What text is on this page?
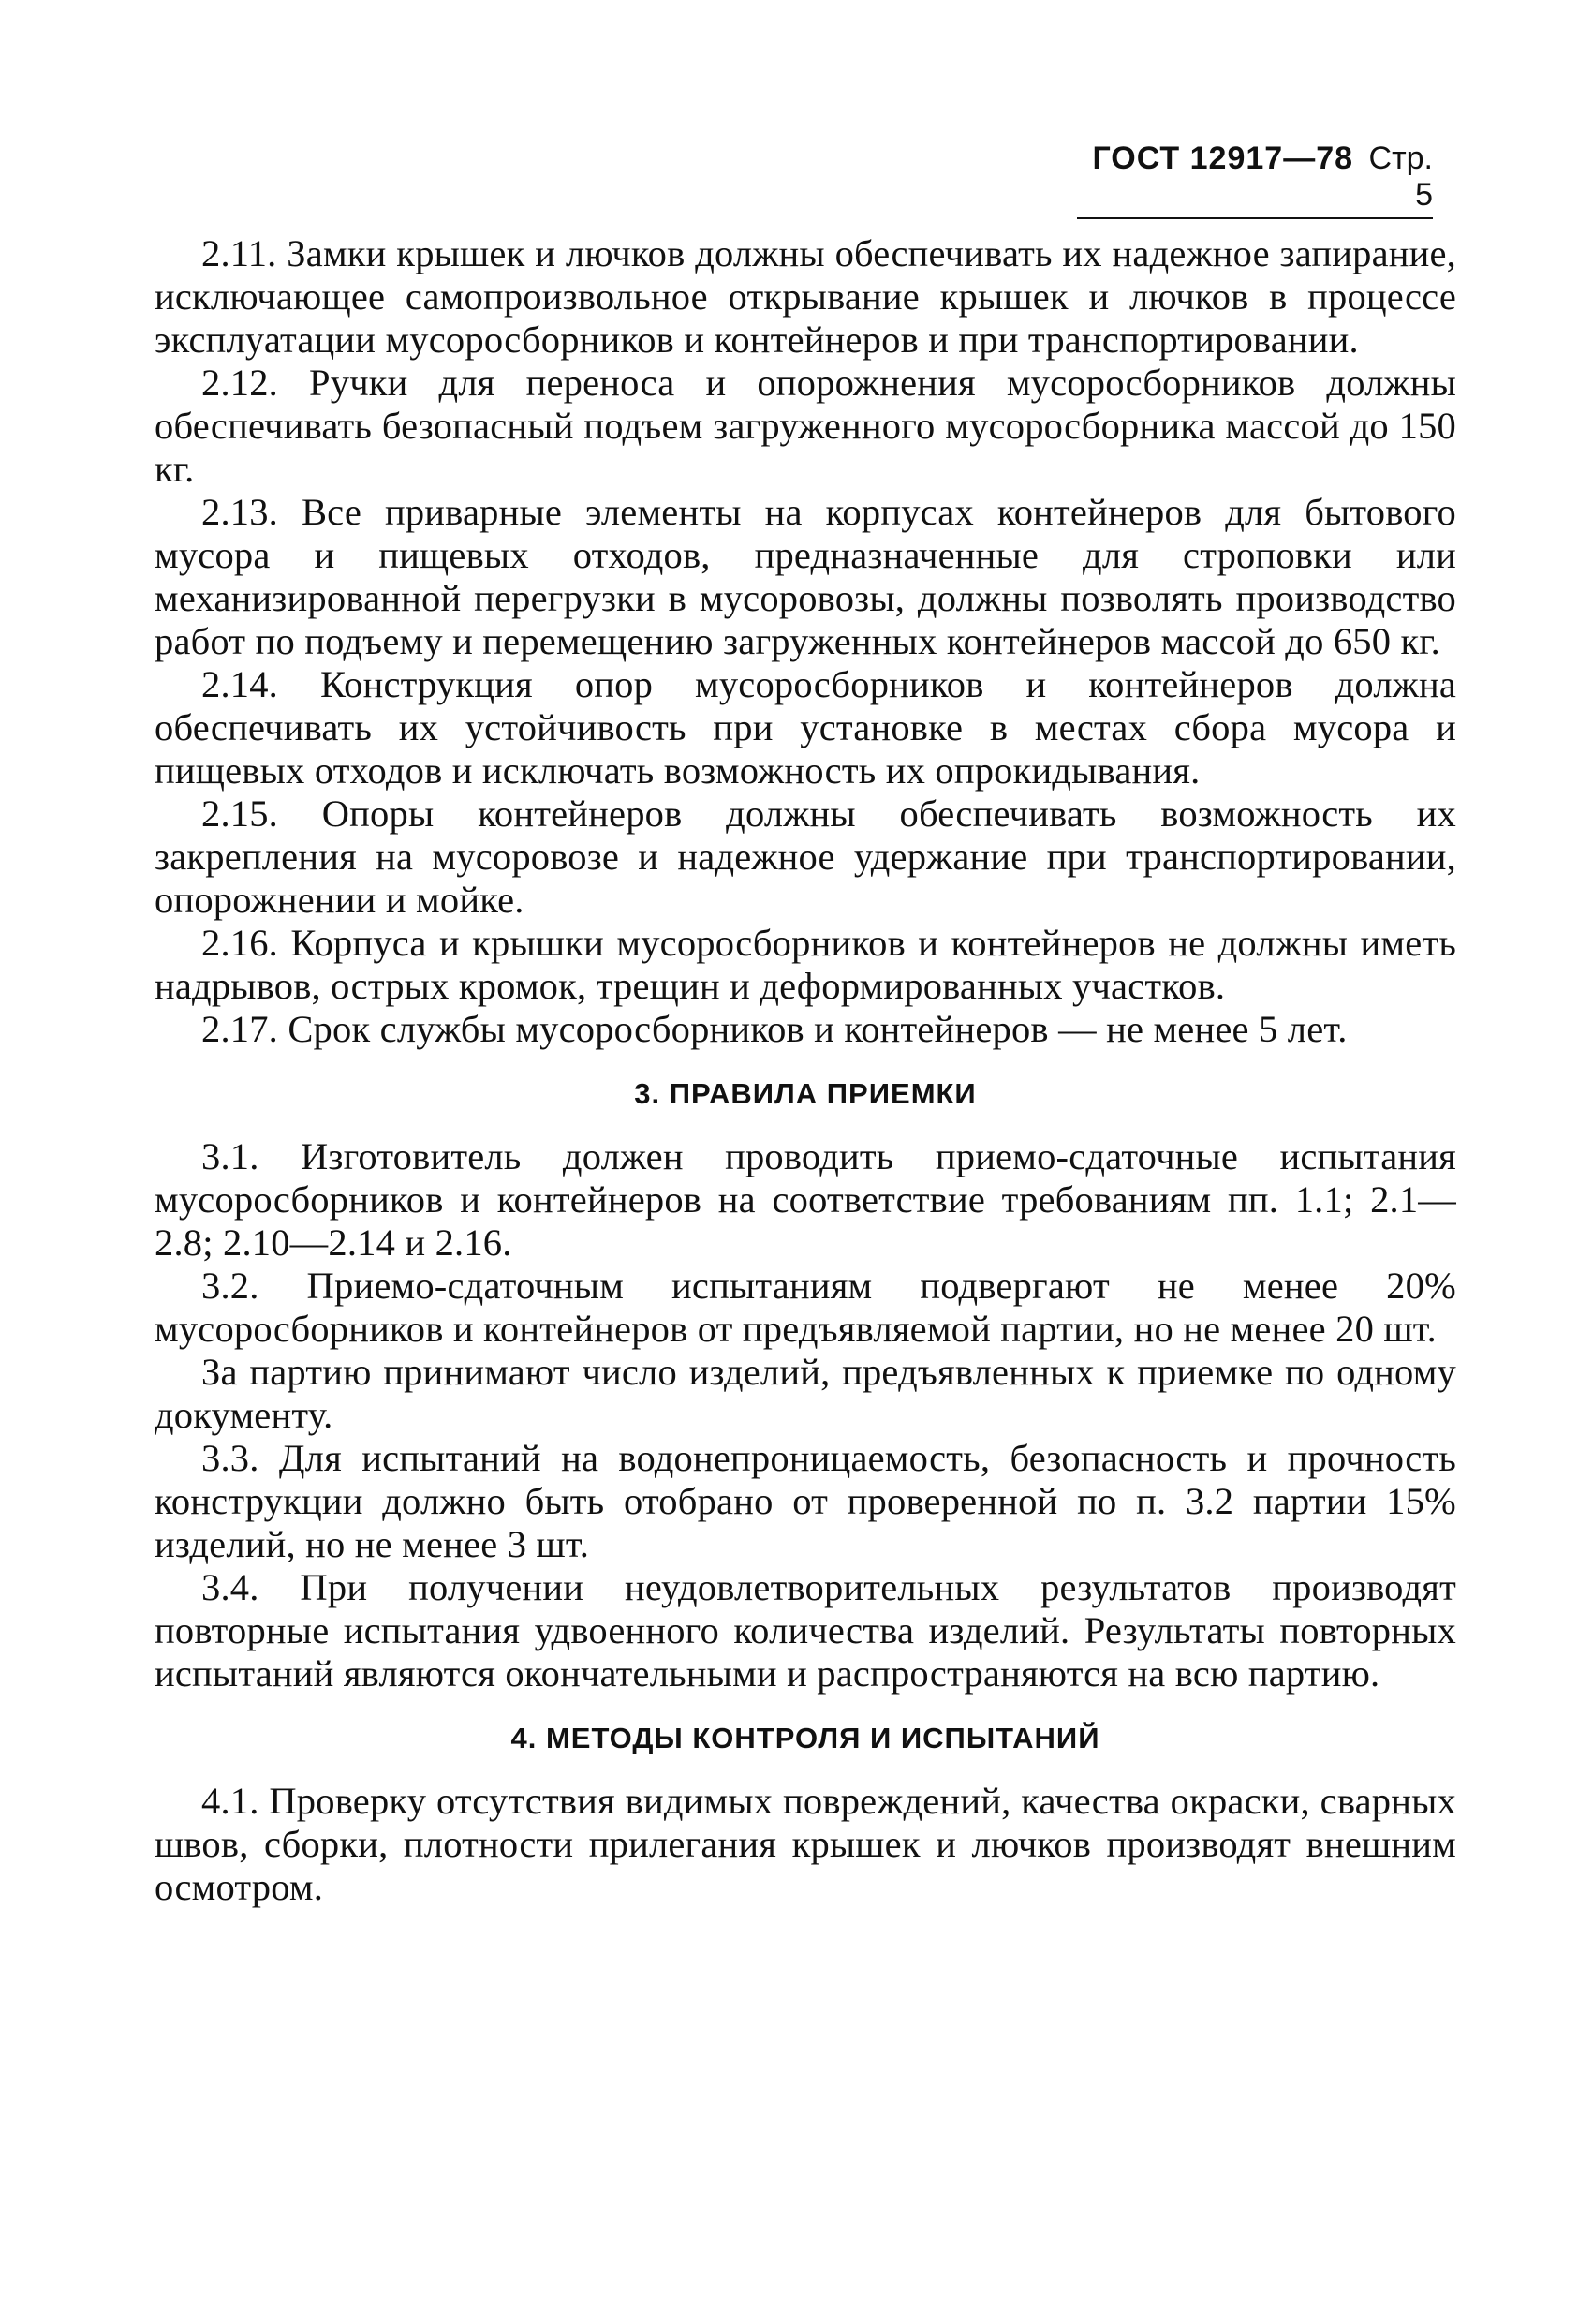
ГОСТ 12917—78 Стр. 5

2.11. Замки крышек и лючков должны обеспечивать их надежное запирание, исключающее самопроизвольное открывание крышек и лючков в процессе эксплуатации мусоросборников и контейнеров и при транспортировании.

2.12. Ручки для переноса и опорожнения мусоросборников должны обеспечивать безопасный подъем загруженного мусоросборника массой до 150 кг.

2.13. Все приварные элементы на корпусах контейнеров для бытового мусора и пищевых отходов, предназначенные для строповки или механизированной перегрузки в мусоровозы, должны позволять производство работ по подъему и перемещению загруженных контейнеров массой до 650 кг.

2.14. Конструкция опор мусоросборников и контейнеров должна обеспечивать их устойчивость при установке в местах сбора мусора и пищевых отходов и исключать возможность их опрокидывания.

2.15. Опоры контейнеров должны обеспечивать возможность их закрепления на мусоровозе и надежное удержание при транспортировании, опорожнении и мойке.

2.16. Корпуса и крышки мусоросборников и контейнеров не должны иметь надрывов, острых кромок, трещин и деформированных участков.

2.17. Срок службы мусоросборников и контейнеров — не менее 5 лет.

3. ПРАВИЛА ПРИЕМКИ

3.1. Изготовитель должен проводить приемо-сдаточные испытания мусоросборников и контейнеров на соответствие требованиям пп. 1.1; 2.1—2.8; 2.10—2.14 и 2.16.

3.2. Приемо-сдаточным испытаниям подвергают не менее 20% мусоросборников и контейнеров от предъявляемой партии, но не менее 20 шт.

За партию принимают число изделий, предъявленных к приемке по одному документу.

3.3. Для испытаний на водонепроницаемость, безопасность и прочность конструкции должно быть отобрано от проверенной по п. 3.2 партии 15% изделий, но не менее 3 шт.

3.4. При получении неудовлетворительных результатов производят повторные испытания удвоенного количества изделий. Результаты повторных испытаний являются окончательными и распространяются на всю партию.

4. МЕТОДЫ КОНТРОЛЯ И ИСПЫТАНИЙ

4.1. Проверку отсутствия видимых повреждений, качества окраски, сварных швов, сборки, плотности прилегания крышек и лючков производят внешним осмотром.
